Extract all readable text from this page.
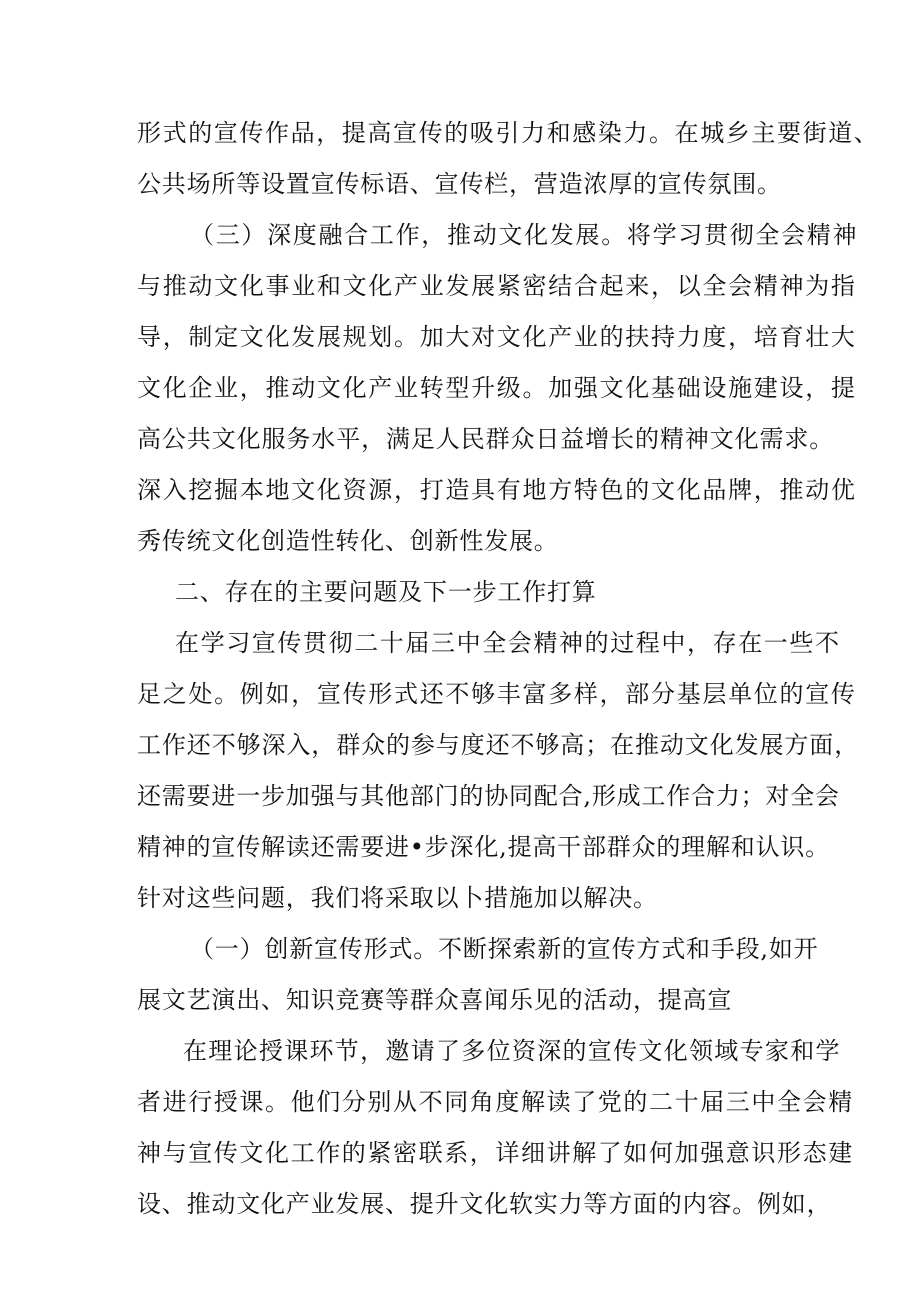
形式的宣传作品，提高宣传的吸引力和感染力。在城乡主要街道、

公共场所等设置宣传标语、宣传栏，营造浓厚的宣传氛围。

（三）深度融合工作，推动文化发展。将学习贯彻全会精神

与推动文化事业和文化产业发展紧密结合起来，以全会精神为指

导，制定文化发展规划。加大对文化产业的扶持力度，培育壮大

文化企业，推动文化产业转型升级。加强文化基础设施建设，提

高公共文化服务水平，满足人民群众日益增长的精神文化需求。

深入挖掘本地文化资源，打造具有地方特色的文化品牌，推动优

秀传统文化创造性转化、创新性发展。

二、存在的主要问题及下一步工作打算

在学习宣传贯彻二十届三中全会精神的过程中，存在一些不

足之处。例如，宣传形式还不够丰富多样，部分基层单位的宣传

工作还不够深入，群众的参与度还不够高；在推动文化发展方面，

还需要进一步加强与其他部门的协同配合,形成工作合力；对全会

精神的宣传解读还需要进•步深化,提高干部群众的理解和认识。

针对这些问题，我们将采取以卜措施加以解决。

（一）创新宣传形式。不断探索新的宣传方式和手段,如开

展文艺演出、知识竞赛等群众喜闻乐见的活动，提高宣

在理论授课环节，邀请了多位资深的宣传文化领域专家和学

者进行授课。他们分别从不同角度解读了党的二十届三中全会精

神与宣传文化工作的紧密联系，详细讲解了如何加强意识形态建

设、推动文化产业发展、提升文化软实力等方面的内容。例如，
